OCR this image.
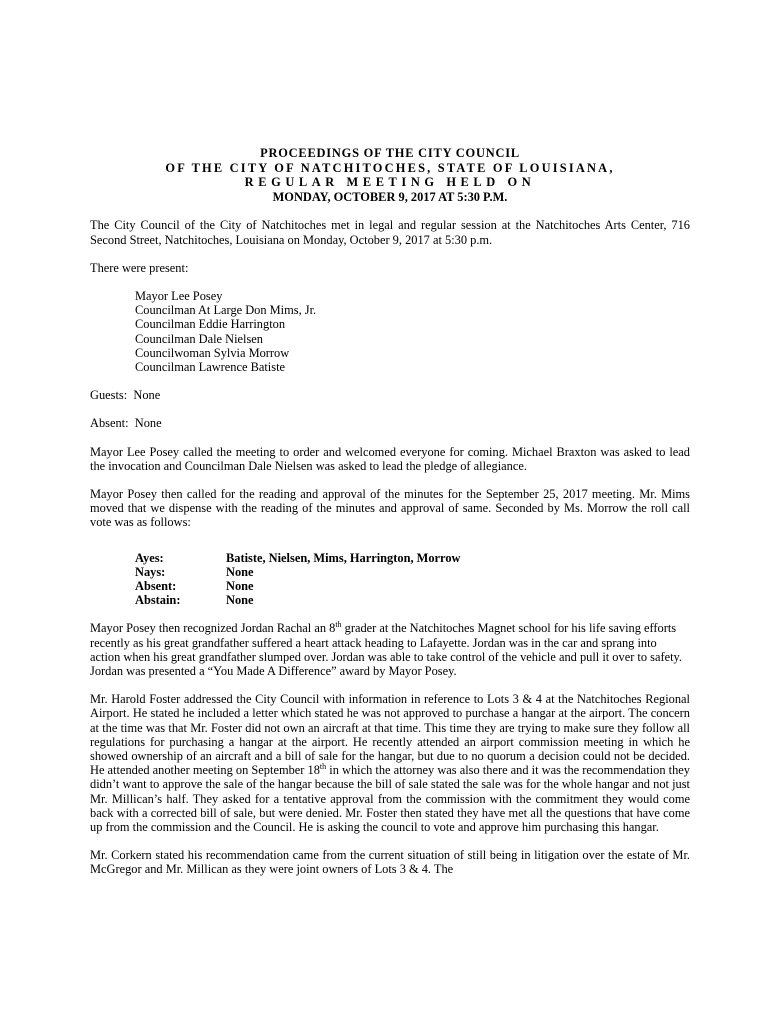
PROCEEDINGS OF THE CITY COUNCIL
OF THE CITY OF NATCHITOCHES, STATE OF LOUISIANA,
REGULAR MEETING HELD ON
MONDAY, OCTOBER 9, 2017 AT 5:30 P.M.

The City Council of the City of Natchitoches met in legal and regular session at the Natchitoches Arts Center, 716 Second Street, Natchitoches, Louisiana on Monday, October 9, 2017 at 5:30 p.m.

There were present:

Mayor Lee Posey
Councilman At Large Don Mims, Jr.
Councilman Eddie Harrington
Councilman Dale Nielsen
Councilwoman Sylvia Morrow
Councilman Lawrence Batiste

Guests:  None

Absent:  None

Mayor Lee Posey called the meeting to order and welcomed everyone for coming. Michael Braxton was asked to lead the invocation and Councilman Dale Nielsen was asked to lead the pledge of allegiance.

Mayor Posey then called for the reading and approval of the minutes for the September 25, 2017 meeting. Mr. Mims moved that we dispense with the reading of the minutes and approval of same. Seconded by Ms. Morrow the roll call vote was as follows:

Ayes:	Batiste, Nielsen, Mims, Harrington, Morrow
Nays:	None
Absent:	None
Abstain:	None

Mayor Posey then recognized Jordan Rachal an 8th grader at the Natchitoches Magnet school for his life saving efforts recently as his great grandfather suffered a heart attack heading to Lafayette. Jordan was in the car and sprang into action when his great grandfather slumped over. Jordan was able to take control of the vehicle and pull it over to safety. Jordan was presented a “You Made A Difference” award by Mayor Posey.

Mr. Harold Foster addressed the City Council with information in reference to Lots 3 & 4 at the Natchitoches Regional Airport. He stated he included a letter which stated he was not approved to purchase a hangar at the airport. The concern at the time was that Mr. Foster did not own an aircraft at that time. This time they are trying to make sure they follow all regulations for purchasing a hangar at the airport. He recently attended an airport commission meeting in which he showed ownership of an aircraft and a bill of sale for the hangar, but due to no quorum a decision could not be decided. He attended another meeting on September 18th in which the attorney was also there and it was the recommendation they didn’t want to approve the sale of the hangar because the bill of sale stated the sale was for the whole hangar and not just Mr. Millican’s half. They asked for a tentative approval from the commission with the commitment they would come back with a corrected bill of sale, but were denied. Mr. Foster then stated they have met all the questions that have come up from the commission and the Council. He is asking the council to vote and approve him purchasing this hangar.

Mr. Corkern stated his recommendation came from the current situation of still being in litigation over the estate of Mr. McGregor and Mr. Millican as they were joint owners of Lots 3 & 4. The
